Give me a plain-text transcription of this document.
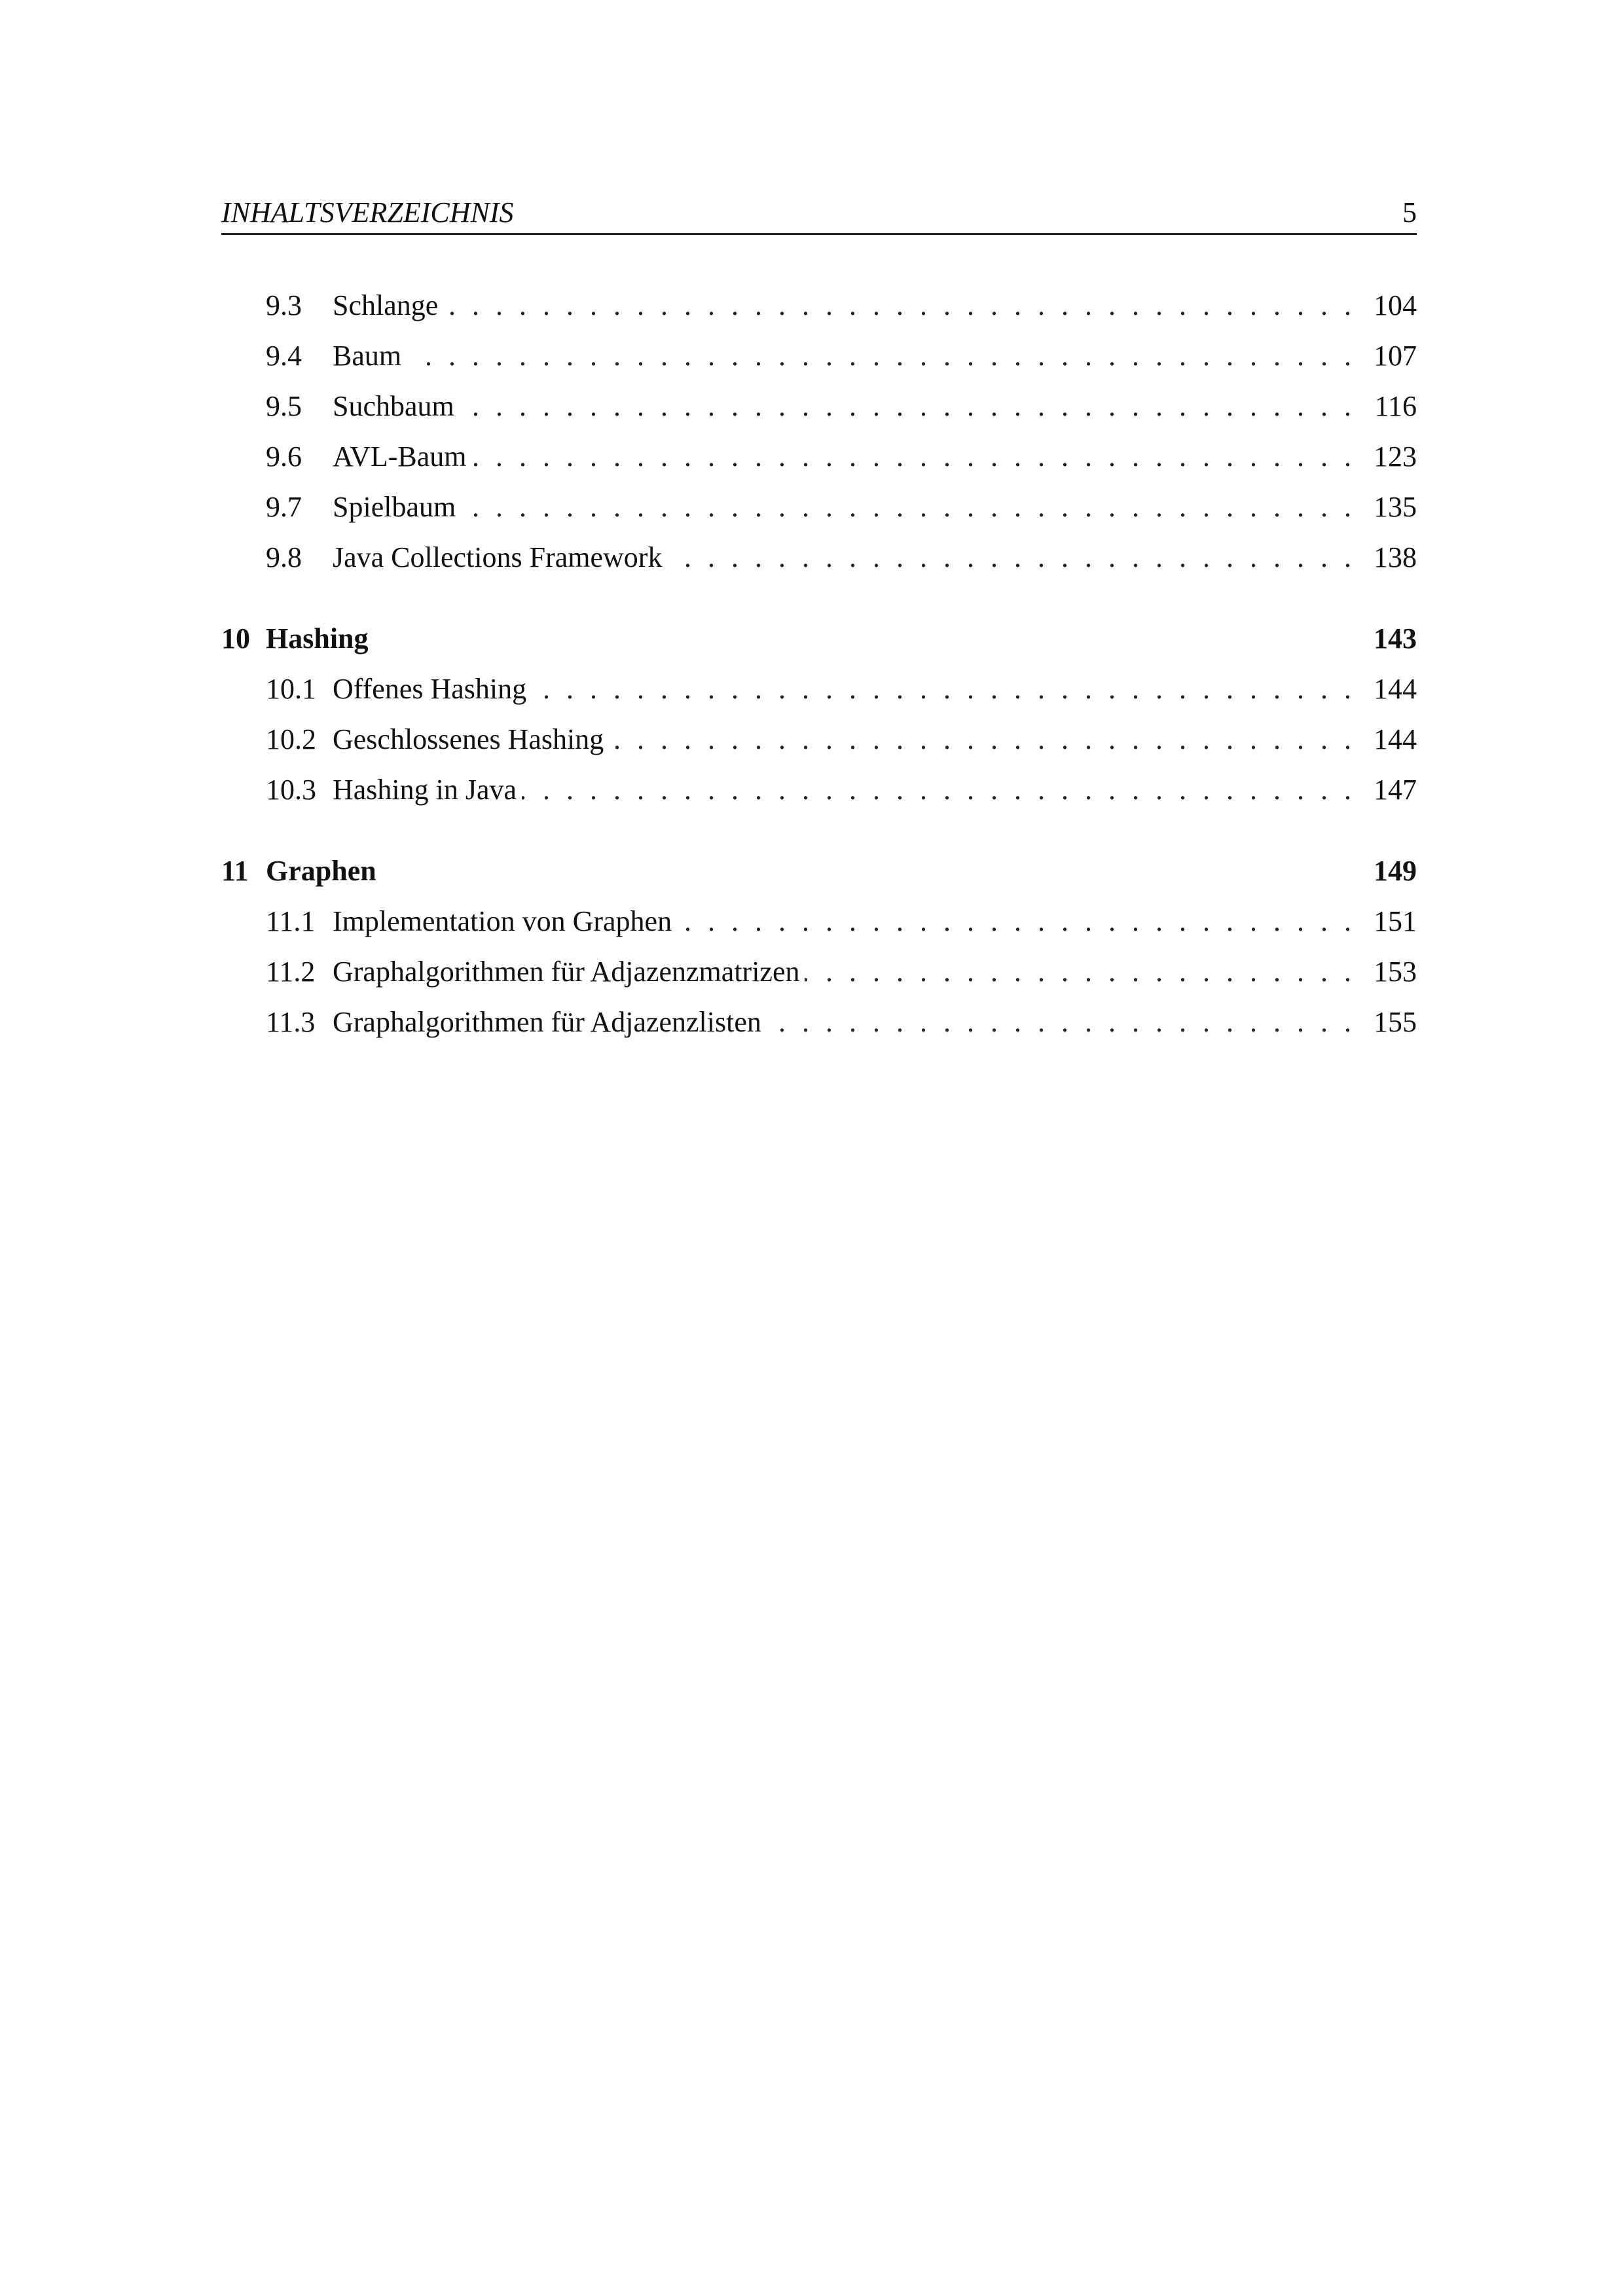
INHALTSVERZEICHNIS	5
9.3	Schlange . . .	104
9.4	Baum . . .	107
9.5	Suchbaum . . .	116
9.6	AVL-Baum . . .	123
9.7	Spielbaum . . .	135
9.8	Java Collections Framework . . .	138
10 Hashing	143
10.1 Offenes Hashing . . .	144
10.2 Geschlossenes Hashing . . .	144
10.3 Hashing in Java . . .	147
11 Graphen	149
11.1 Implementation von Graphen . . .	151
11.2 Graphalgorithmen für Adjazenzmatrizen . . .	153
11.3 Graphalgorithmen für Adjazenzlisten . . .	155
